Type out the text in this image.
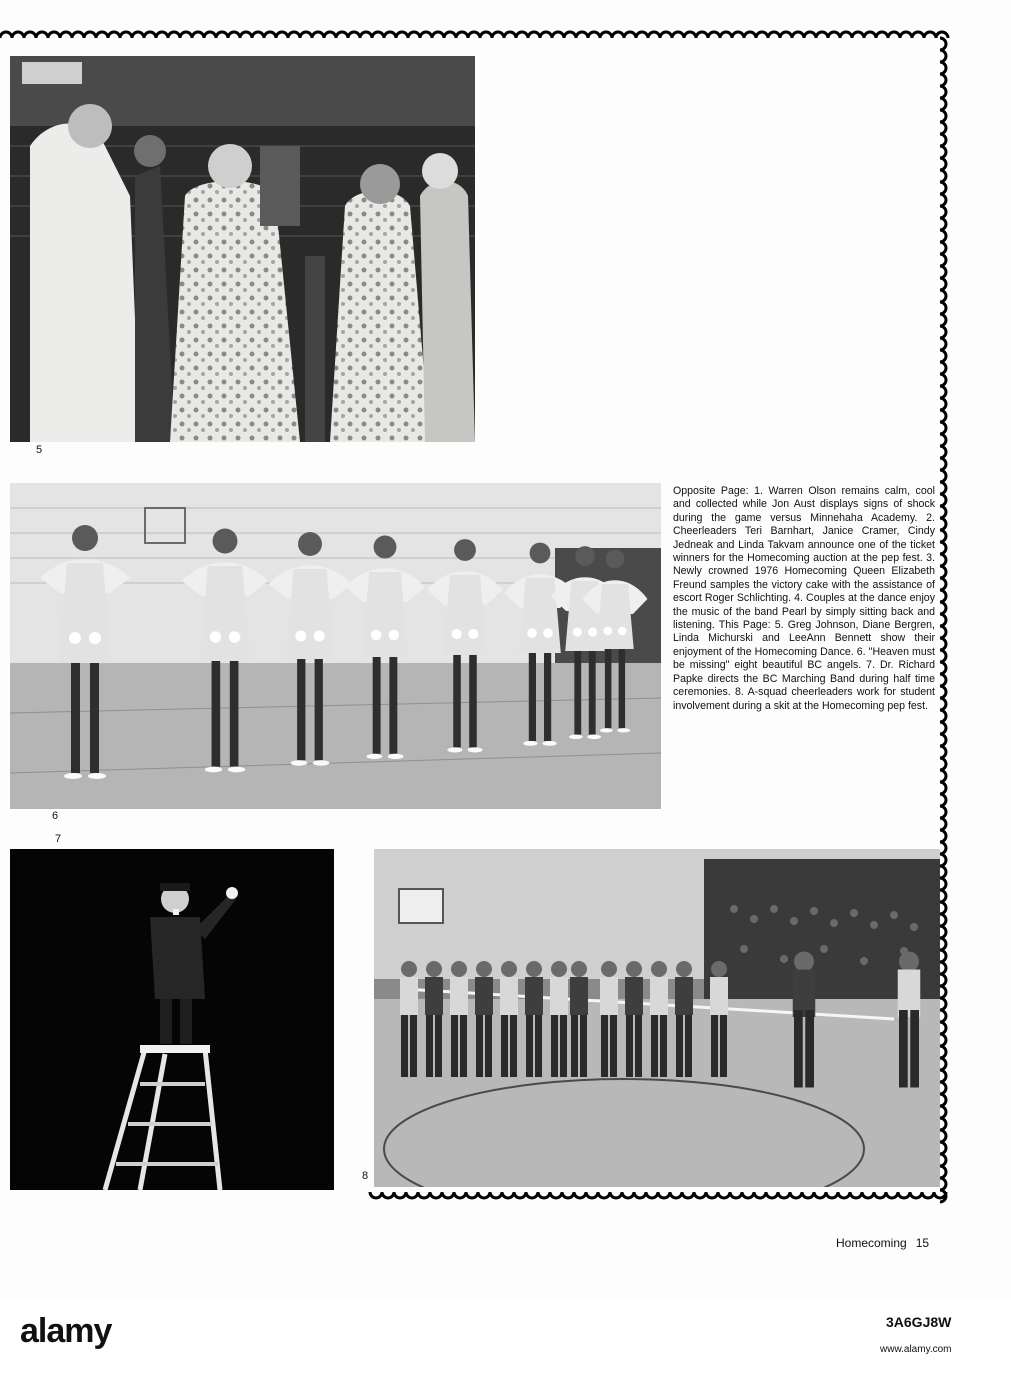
5
6
7
8

Opposite Page: 1. Warren Olson remains calm, cool and collected while Jon Aust displays signs of shock during the game versus Minnehaha Academy. 2. Cheerleaders Teri Barnhart, Janice Cramer, Cindy Jedneak and Linda Takvam announce one of the ticket winners for the Homecoming auction at the pep fest. 3. Newly crowned 1976 Homecoming Queen Elizabeth Freund samples the victory cake with the assistance of escort Roger Schlichting. 4. Couples at the dance enjoy the music of the band Pearl by simply sitting back and listening. This Page: 5. Greg Johnson, Diane Bergren, Linda Michurski and LeeAnn Bennett show their enjoyment of the Homecoming Dance. 6. "Heaven must be missing" eight beautiful BC angels. 7. Dr. Richard Papke directs the BC Marching Band during half time ceremonies. 8. A-squad cheerleaders work for student involvement during a skit at the Homecoming pep fest.

Homecoming 15
alamy	3A6GJ8W
www.alamy.com
